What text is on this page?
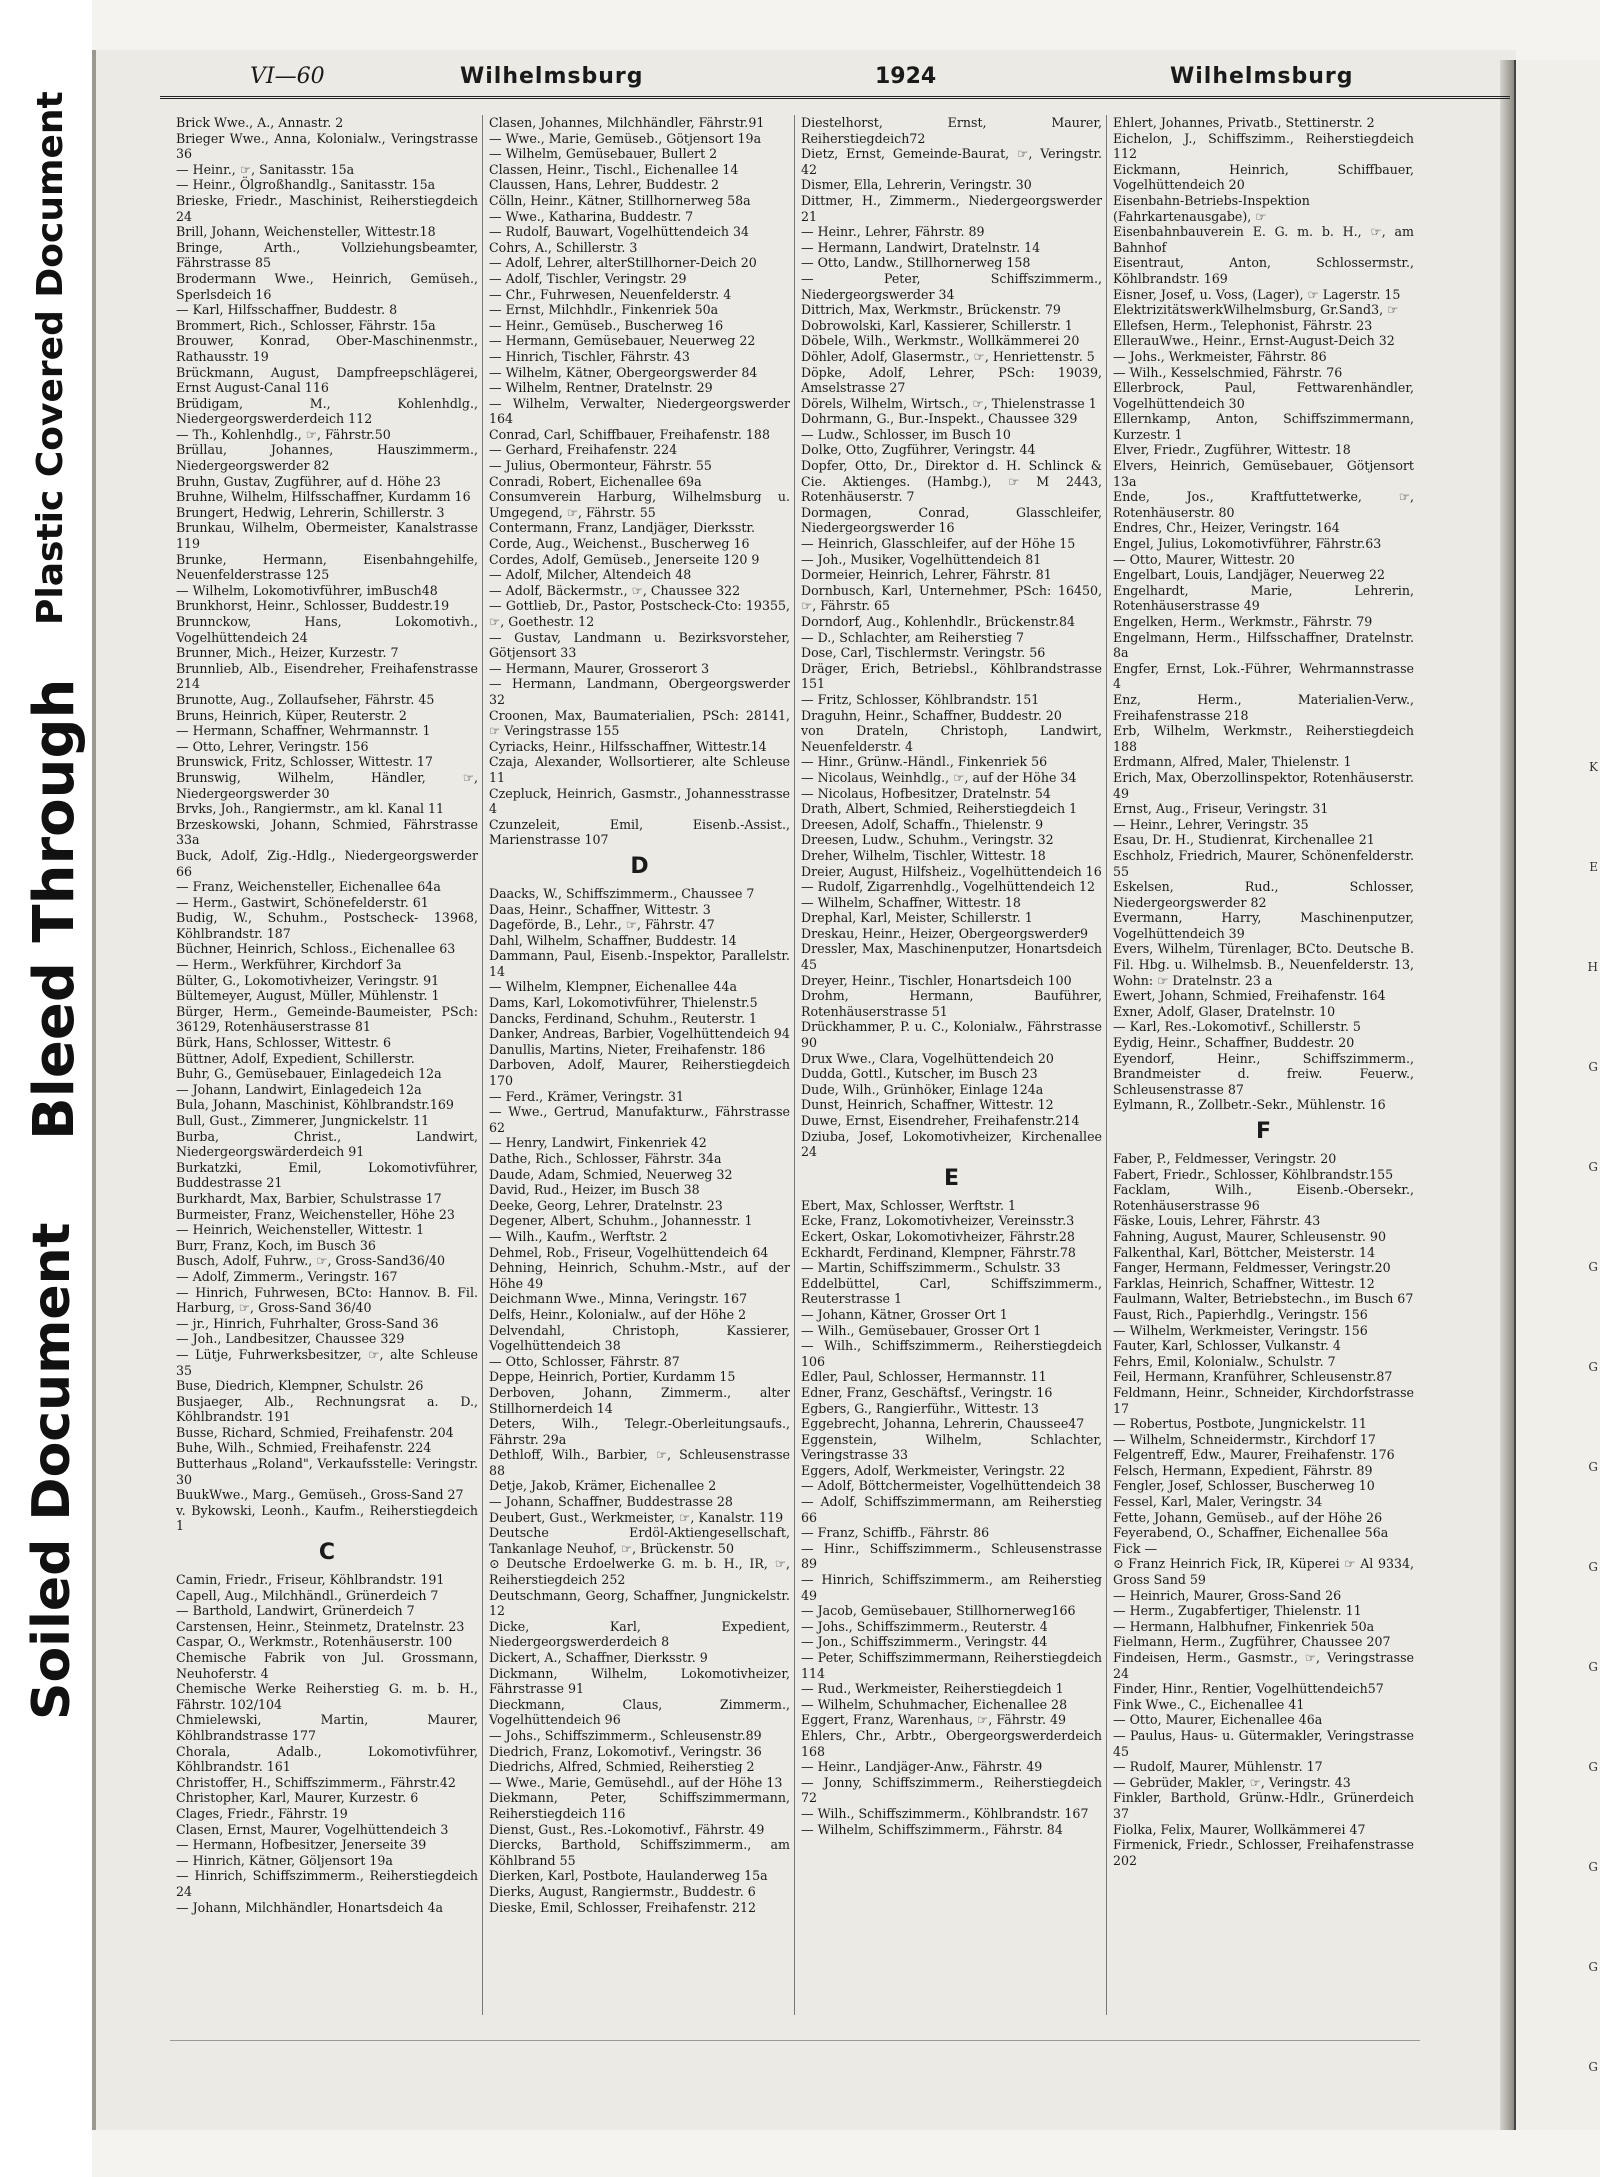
Plastic Covered Document
Bleed Through
Soiled Document
K
E
H
G
G
G
G
G
G
G
G
G
G
G
VI—60	Wilhelmsburg	1924	Wilhelmsburg
Brick Wwe., A., Annastr. 2
Brieger Wwe., Anna, Kolonialw., Veringstrasse 36
— Heinr., ☞, Sanitasstr. 15a
— Heinr., Ölgroßhandlg., Sanitasstr. 15a
Brieske, Friedr., Maschinist, Reiherstiegdeich 24
Brill, Johann, Weichensteller, Wittestr.18
Bringe, Arth., Vollziehungsbeamter, Fährstrasse 85
Brodermann Wwe., Heinrich, Gemüseh., Sperlsdeich 16
— Karl, Hilfsschaffner, Buddestr. 8
Brommert, Rich., Schlosser, Fährstr. 15a
Brouwer, Konrad, Ober-Maschinenmstr., Rathausstr. 19
Brückmann, August, Dampfreepschlägerei, Ernst August-Canal 116
Brüdigam, M., Kohlenhdlg., Niedergeorgswerderdeich 112
— Th., Kohlenhdlg., ☞, Fährstr.50
Brüllau, Johannes, Hauszimmerm., Niedergeorgswerder 82
Bruhn, Gustav, Zugführer, auf d. Höhe 23
Bruhne, Wilhelm, Hilfsschaffner, Kurdamm 16
Brungert, Hedwig, Lehrerin, Schillerstr. 3
Brunkau, Wilhelm, Obermeister, Kanalstrasse 119
Brunke, Hermann, Eisenbahngehilfe, Neuenfelderstrasse 125
— Wilhelm, Lokomotivführer, imBusch48
Brunkhorst, Heinr., Schlosser, Buddestr.19
Brunnckow, Hans, Lokomotivh., Vogelhüttendeich 24
Brunner, Mich., Heizer, Kurzestr. 7
Brunnlieb, Alb., Eisendreher, Freihafenstrasse 214
Brunotte, Aug., Zollaufseher, Fährstr. 45
Bruns, Heinrich, Küper, Reuterstr. 2
— Hermann, Schaffner, Wehrmannstr. 1
— Otto, Lehrer, Veringstr. 156
Brunswick, Fritz, Schlosser, Wittestr. 17
Brunswig, Wilhelm, Händler, ☞, Niedergeorgswerder 30
Brvks, Joh., Rangiermstr., am kl. Kanal 11
Brzeskowski, Johann, Schmied, Fährstrasse 33a
Buck, Adolf, Zig.-Hdlg., Niedergeorgswerder 66
— Franz, Weichensteller, Eichenallee 64a
— Herm., Gastwirt, Schönefelderstr. 61
Budig, W., Schuhm., Postscheck- 13968, Köhlbrandstr. 187
Büchner, Heinrich, Schloss., Eichenallee 63
— Herm., Werkführer, Kirchdorf 3a
Bülter, G., Lokomotivheizer, Veringstr. 91
Bültemeyer, August, Müller, Mühlenstr. 1
Bürger, Herm., Gemeinde-Baumeister, PSch: 36129, Rotenhäuserstrasse 81
Bürk, Hans, Schlosser, Wittestr. 6
Büttner, Adolf, Expedient, Schillerstr.
Buhr, G., Gemüsebauer, Einlagedeich 12a
— Johann, Landwirt, Einlagedeich 12a
Bula, Johann, Maschinist, Köhlbrandstr.169
Bull, Gust., Zimmerer, Jungnickelstr. 11
Burba, Christ., Landwirt, Niedergeorgswärderdeich 91
Burkatzki, Emil, Lokomotivführer, Buddestrasse 21
Burkhardt, Max, Barbier, Schulstrasse 17
Burmeister, Franz, Weichensteller, Höhe 23
— Heinrich, Weichensteller, Wittestr. 1
Burr, Franz, Koch, im Busch 36
Busch, Adolf, Fuhrw., ☞, Gross-Sand36/40
— Adolf, Zimmerm., Veringstr. 167
— Hinrich, Fuhrwesen, BCto: Hannov. B. Fil. Harburg, ☞, Gross-Sand 36/40
— jr., Hinrich, Fuhrhalter, Gross-Sand 36
— Joh., Landbesitzer, Chaussee 329
— Lütje, Fuhrwerksbesitzer, ☞, alte Schleuse 35
Buse, Diedrich, Klempner, Schulstr. 26
Busjaeger, Alb., Rechnungsrat a. D., Köhlbrandstr. 191
Busse, Richard, Schmied, Freihafenstr. 204
Buhe, Wilh., Schmied, Freihafenstr. 224
Butterhaus „Roland", Verkaufsstelle: Veringstr. 30
BuukWwe., Marg., Gemüseh., Gross-Sand 27
v. Bykowski, Leonh., Kaufm., Reiherstiegdeich 1
C
Camin, Friedr., Friseur, Köhlbrandstr. 191
Capell, Aug., Milchhändl., Grünerdeich 7
— Barthold, Landwirt, Grünerdeich 7
Carstensen, Heinr., Steinmetz, Dratelnstr. 23
Caspar, O., Werkmstr., Rotenhäuserstr. 100
Chemische Fabrik von Jul. Grossmann, Neuhoferstr. 4
Chemische Werke Reiherstieg G. m. b. H., Fährstr. 102/104
Chmielewski, Martin, Maurer, Köhlbrandstrasse 177
Chorala, Adalb., Lokomotivführer, Köhlbrandstr. 161
Christoffer, H., Schiffszimmerm., Fährstr.42
Christopher, Karl, Maurer, Kurzestr. 6
Clages, Friedr., Fährstr. 19
Clasen, Ernst, Maurer, Vogelhüttendeich 3
— Hermann, Hofbesitzer, Jenerseite 39
— Hinrich, Kätner, Göljensort 19a
— Hinrich, Schiffszimmerm., Reiherstiegdeich 24
— Johann, Milchhändler, Honartsdeich 4a
Clasen, Johannes, Milchhändler, Fährstr.91
— Wwe., Marie, Gemüseb., Götjensort 19a
— Wilhelm, Gemüsebauer, Bullert 2
Classen, Heinr., Tischl., Eichenallee 14
Claussen, Hans, Lehrer, Buddestr. 2
Cölln, Heinr., Kätner, Stillhornerweg 58a
— Wwe., Katharina, Buddestr. 7
— Rudolf, Bauwart, Vogelhüttendeich 34
Cohrs, A., Schillerstr. 3
— Adolf, Lehrer, alterStillhorner-Deich 20
— Adolf, Tischler, Veringstr. 29
— Chr., Fuhrwesen, Neuenfelderstr. 4
— Ernst, Milchhdlr., Finkenriek 50a
— Heinr., Gemüseb., Buscherweg 16
— Hermann, Gemüsebauer, Neuerweg 22
— Hinrich, Tischler, Fährstr. 43
— Wilhelm, Kätner, Obergeorgswerder 84
— Wilhelm, Rentner, Dratelnstr. 29
— Wilhelm, Verwalter, Niedergeorgswerder 164
Conrad, Carl, Schiffbauer, Freihafenstr. 188
— Gerhard, Freihafenstr. 224
— Julius, Obermonteur, Fährstr. 55
Conradi, Robert, Eichenallee 69a
Consumverein Harburg, Wilhelmsburg u. Umgegend, ☞, Fährstr. 55
Contermann, Franz, Landjäger, Dierksstr.
Corde, Aug., Weichenst., Buscherweg 16
Cordes, Adolf, Gemüseb., Jenerseite 120 9
— Adolf, Milcher, Altendeich 48
— Adolf, Bäckermstr., ☞, Chaussee 322
— Gottlieb, Dr., Pastor, Postscheck-Cto: 19355, ☞, Goethestr. 12
— Gustav, Landmann u. Bezirksvorsteher, Götjensort 33
— Hermann, Maurer, Grosserort 3
— Hermann, Landmann, Obergeorgswerder 32
Croonen, Max, Baumaterialien, PSch: 28141, ☞ Veringstrasse 155
Cyriacks, Heinr., Hilfsschaffner, Wittestr.14
Czaja, Alexander, Wollsortierer, alte Schleuse 11
Czepluck, Heinrich, Gasmstr., Johannesstrasse 4
Czunzeleit, Emil, Eisenb.-Assist., Marienstrasse 107
D
Daacks, W., Schiffszimmerm., Chaussee 7
Daas, Heinr., Schaffner, Wittestr. 3
Dageförde, B., Lehr., ☞, Fährstr. 47
Dahl, Wilhelm, Schaffner, Buddestr. 14
Dammann, Paul, Eisenb.-Inspektor, Parallelstr. 14
— Wilhelm, Klempner, Eichenallee 44a
Dams, Karl, Lokomotivführer, Thielenstr.5
Dancks, Ferdinand, Schuhm., Reuterstr. 1
Danker, Andreas, Barbier, Vogelhüttendeich 94
Danullis, Martins, Nieter, Freihafenstr. 186
Darboven, Adolf, Maurer, Reiherstiegdeich 170
— Ferd., Krämer, Veringstr. 31
— Wwe., Gertrud, Manufakturw., Fährstrasse 62
— Henry, Landwirt, Finkenriek 42
Dathe, Rich., Schlosser, Fährstr. 34a
Daude, Adam, Schmied, Neuerweg 32
David, Rud., Heizer, im Busch 38
Deeke, Georg, Lehrer, Dratelnstr. 23
Degener, Albert, Schuhm., Johannesstr. 1
— Wilh., Kaufm., Werftstr. 2
Dehmel, Rob., Friseur, Vogelhüttendeich 64
Dehning, Heinrich, Schuhm.-Mstr., auf der Höhe 49
Deichmann Wwe., Minna, Veringstr. 167
Delfs, Heinr., Kolonialw., auf der Höhe 2
Delvendahl, Christoph, Kassierer, Vogelhüttendeich 38
— Otto, Schlosser, Fährstr. 87
Deppe, Heinrich, Portier, Kurdamm 15
Derboven, Johann, Zimmerm., alter Stillhornerdeich 14
Deters, Wilh., Telegr.-Oberleitungsaufs., Fährstr. 29a
Dethloff, Wilh., Barbier, ☞, Schleusenstrasse 88
Detje, Jakob, Krämer, Eichenallee 2
— Johann, Schaffner, Buddestrasse 28
Deubert, Gust., Werkmeister, ☞, Kanalstr. 119
Deutsche Erdöl-Aktiengesellschaft, Tankanlage Neuhof, ☞, Brückenstr. 50
⊙ Deutsche Erdoelwerke G. m. b. H., IR, ☞, Reiherstiegdeich 252
Deutschmann, Georg, Schaffner, Jungnickelstr. 12
Dicke, Karl, Expedient, Niedergeorgswerderdeich 8
Dickert, A., Schaffner, Dierksstr. 9
Dickmann, Wilhelm, Lokomotivheizer, Fährstrasse 91
Dieckmann, Claus, Zimmerm., Vogelhüttendeich 96
— Johs., Schiffszimmerm., Schleusenstr.89
Diedrich, Franz, Lokomotivf., Veringstr. 36
Diedrichs, Alfred, Schmied, Reiherstieg 2
— Wwe., Marie, Gemüsehdl., auf der Höhe 13
Diekmann, Peter, Schiffszimmermann, Reiherstiegdeich 116
Dienst, Gust., Res.-Lokomotivf., Fährstr. 49
Diercks, Barthold, Schiffszimmerm., am Köhlbrand 55
Dierken, Karl, Postbote, Haulanderweg 15a
Dierks, August, Rangiermstr., Buddestr. 6
Dieske, Emil, Schlosser, Freihafenstr. 212
Diestelhorst, Ernst, Maurer, Reiherstiegdeich72
Dietz, Ernst, Gemeinde-Baurat, ☞, Veringstr. 42
Dismer, Ella, Lehrerin, Veringstr. 30
Dittmer, H., Zimmerm., Niedergeorgswerder 21
— Heinr., Lehrer, Fährstr. 89
— Hermann, Landwirt, Dratelnstr. 14
— Otto, Landw., Stillhornerweg 158
— Peter, Schiffszimmerm., Niedergeorgswerder 34
Dittrich, Max, Werkmstr., Brückenstr. 79
Dobrowolski, Karl, Kassierer, Schillerstr. 1
Döbele, Wilh., Werkmstr., Wollkämmerei 20
Döhler, Adolf, Glasermstr., ☞, Henriettenstr. 5
Döpke, Adolf, Lehrer, PSch: 19039, Amselstrasse 27
Dörels, Wilhelm, Wirtsch., ☞, Thielenstrasse 1
Dohrmann, G., Bur.-Inspekt., Chaussee 329
— Ludw., Schlosser, im Busch 10
Dolke, Otto, Zugführer, Veringstr. 44
Dopfer, Otto, Dr., Direktor d. H. Schlinck & Cie. Aktienges. (Hambg.), ☞ M 2443, Rotenhäuserstr. 7
Dormagen, Conrad, Glasschleifer, Niedergeorgswerder 16
— Heinrich, Glasschleifer, auf der Höhe 15
— Joh., Musiker, Vogelhüttendeich 81
Dormeier, Heinrich, Lehrer, Fährstr. 81
Dornbusch, Karl, Unternehmer, PSch: 16450, ☞, Fährstr. 65
Dorndorf, Aug., Kohlenhdlr., Brückenstr.84
— D., Schlachter, am Reiherstieg 7
Dose, Carl, Tischlermstr. Veringstr. 56
Dräger, Erich, Betriebsl., Köhlbrandstrasse 151
— Fritz, Schlosser, Köhlbrandstr. 151
Draguhn, Heinr., Schaffner, Buddestr. 20
von Drateln, Christoph, Landwirt, Neuenfelderstr. 4
— Hinr., Grünw.-Händl., Finkenriek 56
— Nicolaus, Weinhdlg., ☞, auf der Höhe 34
— Nicolaus, Hofbesitzer, Dratelnstr. 54
Drath, Albert, Schmied, Reiherstiegdeich 1
Dreesen, Adolf, Schaffn., Thielenstr. 9
Dreesen, Ludw., Schuhm., Veringstr. 32
Dreher, Wilhelm, Tischler, Wittestr. 18
Dreier, August, Hilfsheiz., Vogelhüttendeich 16
— Rudolf, Zigarrenhdlg., Vogelhüttendeich 12
— Wilhelm, Schaffner, Wittestr. 18
Drephal, Karl, Meister, Schillerstr. 1
Dreskau, Heinr., Heizer, Obergeorgswerder9
Dressler, Max, Maschinenputzer, Honartsdeich 45
Dreyer, Heinr., Tischler, Honartsdeich 100
Drohm, Hermann, Bauführer, Rotenhäuserstrasse 51
Drückhammer, P. u. C., Kolonialw., Fährstrasse 90
Drux Wwe., Clara, Vogelhüttendeich 20
Dudda, Gottl., Kutscher, im Busch 23
Dude, Wilh., Grünhöker, Einlage 124a
Dunst, Heinrich, Schaffner, Wittestr. 12
Duwe, Ernst, Eisendreher, Freihafenstr.214
Dziuba, Josef, Lokomotivheizer, Kirchenallee 24
E
Ebert, Max, Schlosser, Werftstr. 1
Ecke, Franz, Lokomotivheizer, Vereinsstr.3
Eckert, Oskar, Lokomotivheizer, Fährstr.28
Eckhardt, Ferdinand, Klempner, Fährstr.78
— Martin, Schiffszimmerm., Schulstr. 33
Eddelbüttel, Carl, Schiffszimmerm., Reuterstrasse 1
— Johann, Kätner, Grosser Ort 1
— Wilh., Gemüsebauer, Grosser Ort 1
— Wilh., Schiffszimmerm., Reiherstiegdeich 106
Edler, Paul, Schlosser, Hermannstr. 11
Edner, Franz, Geschäftsf., Veringstr. 16
Egbers, G., Rangierführ., Wittestr. 13
Eggebrecht, Johanna, Lehrerin, Chaussee47
Eggenstein, Wilhelm, Schlachter, Veringstrasse 33
Eggers, Adolf, Werkmeister, Veringstr. 22
— Adolf, Böttchermeister, Vogelhüttendeich 38
— Adolf, Schiffszimmermann, am Reiherstieg 66
— Franz, Schiffb., Fährstr. 86
— Hinr., Schiffszimmerm., Schleusenstrasse 89
— Hinrich, Schiffszimmerm., am Reiherstieg 49
— Jacob, Gemüsebauer, Stillhornerweg166
— Johs., Schiffszimmerm., Reuterstr. 4
— Jon., Schiffszimmerm., Veringstr. 44
— Peter, Schiffszimmermann, Reiherstiegdeich 114
— Rud., Werkmeister, Reiherstiegdeich 1
— Wilhelm, Schuhmacher, Eichenallee 28
Eggert, Franz, Warenhaus, ☞, Fährstr. 49
Ehlers, Chr., Arbtr., Obergeorgswerderdeich 168
— Heinr., Landjäger-Anw., Fährstr. 49
— Jonny, Schiffszimmerm., Reiherstiegdeich 72
— Wilh., Schiffszimmerm., Köhlbrandstr. 167
— Wilhelm, Schiffszimmerm., Fährstr. 84
Ehlert, Johannes, Privatb., Stettinerstr. 2
Eichelon, J., Schiffszimm., Reiherstiegdeich 112
Eickmann, Heinrich, Schiffbauer, Vogelhüttendeich 20
Eisenbahn-Betriebs-Inspektion (Fahrkartenausgabe), ☞
Eisenbahnbauverein E. G. m. b. H., ☞, am Bahnhof
Eisentraut, Anton, Schlossermstr., Köhlbrandstr. 169
Eisner, Josef, u. Voss, (Lager), ☞ Lagerstr. 15
ElektrizitätswerkWilhelmsburg, Gr.Sand3, ☞
Ellefsen, Herm., Telephonist, Fährstr. 23
EllerauWwe., Heinr., Ernst-August-Deich 32
— Johs., Werkmeister, Fährstr. 86
— Wilh., Kesselschmied, Fährstr. 76
Ellerbrock, Paul, Fettwarenhändler, Vogelhüttendeich 30
Ellernkamp, Anton, Schiffszimmermann, Kurzestr. 1
Elver, Friedr., Zugführer, Wittestr. 18
Elvers, Heinrich, Gemüsebauer, Götjensort 13a
Ende, Jos., Kraftfuttetwerke, ☞, Rotenhäuserstr. 80
Endres, Chr., Heizer, Veringstr. 164
Engel, Julius, Lokomotivführer, Fährstr.63
— Otto, Maurer, Wittestr. 20
Engelbart, Louis, Landjäger, Neuerweg 22
Engelhardt, Marie, Lehrerin, Rotenhäuserstrasse 49
Engelken, Herm., Werkmstr., Fährstr. 79
Engelmann, Herm., Hilfsschaffner, Dratelnstr. 8a
Engfer, Ernst, Lok.-Führer, Wehrmannstrasse 4
Enz, Herm., Materialien-Verw., Freihafenstrasse 218
Erb, Wilhelm, Werkmstr., Reiherstiegdeich 188
Erdmann, Alfred, Maler, Thielenstr. 1
Erich, Max, Oberzollinspektor, Rotenhäuserstr. 49
Ernst, Aug., Friseur, Veringstr. 31
— Heinr., Lehrer, Veringstr. 35
Esau, Dr. H., Studienrat, Kirchenallee 21
Eschholz, Friedrich, Maurer, Schönenfelderstr. 55
Eskelsen, Rud., Schlosser, Niedergeorgswerder 82
Evermann, Harry, Maschinenputzer, Vogelhüttendeich 39
Evers, Wilhelm, Türenlager, BCto. Deutsche B. Fil. Hbg. u. Wilhelmsb. B., Neuenfelderstr. 13, Wohn: ☞ Dratelnstr. 23 a
Ewert, Johann, Schmied, Freihafenstr. 164
Exner, Adolf, Glaser, Dratelnstr. 10
— Karl, Res.-Lokomotivf., Schillerstr. 5
Eydig, Heinr., Schaffner, Buddestr. 20
Eyendorf, Heinr., Schiffszimmerm., Brandmeister d. freiw. Feuerw., Schleusenstrasse 87
Eylmann, R., Zollbetr.-Sekr., Mühlenstr. 16
F
Faber, P., Feldmesser, Veringstr. 20
Fabert, Friedr., Schlosser, Köhlbrandstr.155
Facklam, Wilh., Eisenb.-Obersekr., Rotenhäuserstrasse 96
Fäske, Louis, Lehrer, Fährstr. 43
Fahning, August, Maurer, Schleusenstr. 90
Falkenthal, Karl, Böttcher, Meisterstr. 14
Fanger, Hermann, Feldmesser, Veringstr.20
Farklas, Heinrich, Schaffner, Wittestr. 12
Faulmann, Walter, Betriebstechn., im Busch 67
Faust, Rich., Papierhdlg., Veringstr. 156
— Wilhelm, Werkmeister, Veringstr. 156
Fauter, Karl, Schlosser, Vulkanstr. 4
Fehrs, Emil, Kolonialw., Schulstr. 7
Feil, Hermann, Kranführer, Schleusenstr.87
Feldmann, Heinr., Schneider, Kirchdorfstrasse 17
— Robertus, Postbote, Jungnickelstr. 11
— Wilhelm, Schneidermstr., Kirchdorf 17
Felgentreff, Edw., Maurer, Freihafenstr. 176
Felsch, Hermann, Expedient, Fährstr. 89
Fengler, Josef, Schlosser, Buscherweg 10
Fessel, Karl, Maler, Veringstr. 34
Fette, Johann, Gemüseb., auf der Höhe 26
Feyerabend, O., Schaffner, Eichenallee 56a
Fick —
⊙ Franz Heinrich Fick, IR, Küperei ☞ Al 9334, Gross Sand 59
— Heinrich, Maurer, Gross-Sand 26
— Herm., Zugabfertiger, Thielenstr. 11
— Hermann, Halbhufner, Finkenriek 50a
Fielmann, Herm., Zugführer, Chaussee 207
Findeisen, Herm., Gasmstr., ☞, Veringstrasse 24
Finder, Hinr., Rentier, Vogelhüttendeich57
Fink Wwe., C., Eichenallee 41
— Otto, Maurer, Eichenallee 46a
— Paulus, Haus- u. Gütermakler, Veringstrasse 45
— Rudolf, Maurer, Mühlenstr. 17
— Gebrüder, Makler, ☞, Veringstr. 43
Finkler, Barthold, Grünw.-Hdlr., Grünerdeich 37
Fiolka, Felix, Maurer, Wollkämmerei 47
Firmenick, Friedr., Schlosser, Freihafenstrasse 202
